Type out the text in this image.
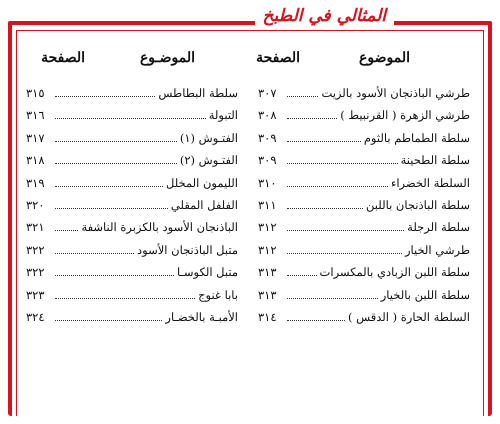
المثالي في الطبخ
الموضوع
الصفحة
الموضـوع
الصفحة
طرشي الباذنجان الأسود بالزيت
٣٠٧
طرشي الزهرة ( القرنبيط )
٣٠٨
سلطة الطماطم بالثوم
٣٠٩
سلطة الطحينة
٣٠٩
السلطة الخضراء
٣١٠
سلطة الباذنجان باللبن
٣١١
سلطة الرجلة
٣١٢
طرشي الخيار
٣١٢
سلطة اللبن الزبادي بالمكسرات
٣١٣
سلطة اللبن بالخيار
٣١٣
السلطة الحارة ( الدقس )
٣١٤
سلطة البطاطس
٣١٥
التبولة
٣١٦
الفتـوش (١)
٣١٧
الفتـوش (٢)
٣١٨
الليمون المخلل
٣١٩
الفلفل المقلي
٣٢٠
الباذنجان الأسود بالكزبرة الناشفة
٣٢١
متبل الباذنجان الأسود
٣٢٢
متبل الكوسـا
٣٢٢
بابا غنوج
٣٢٣
الأمبـة بالخضـار
٣٢٤
